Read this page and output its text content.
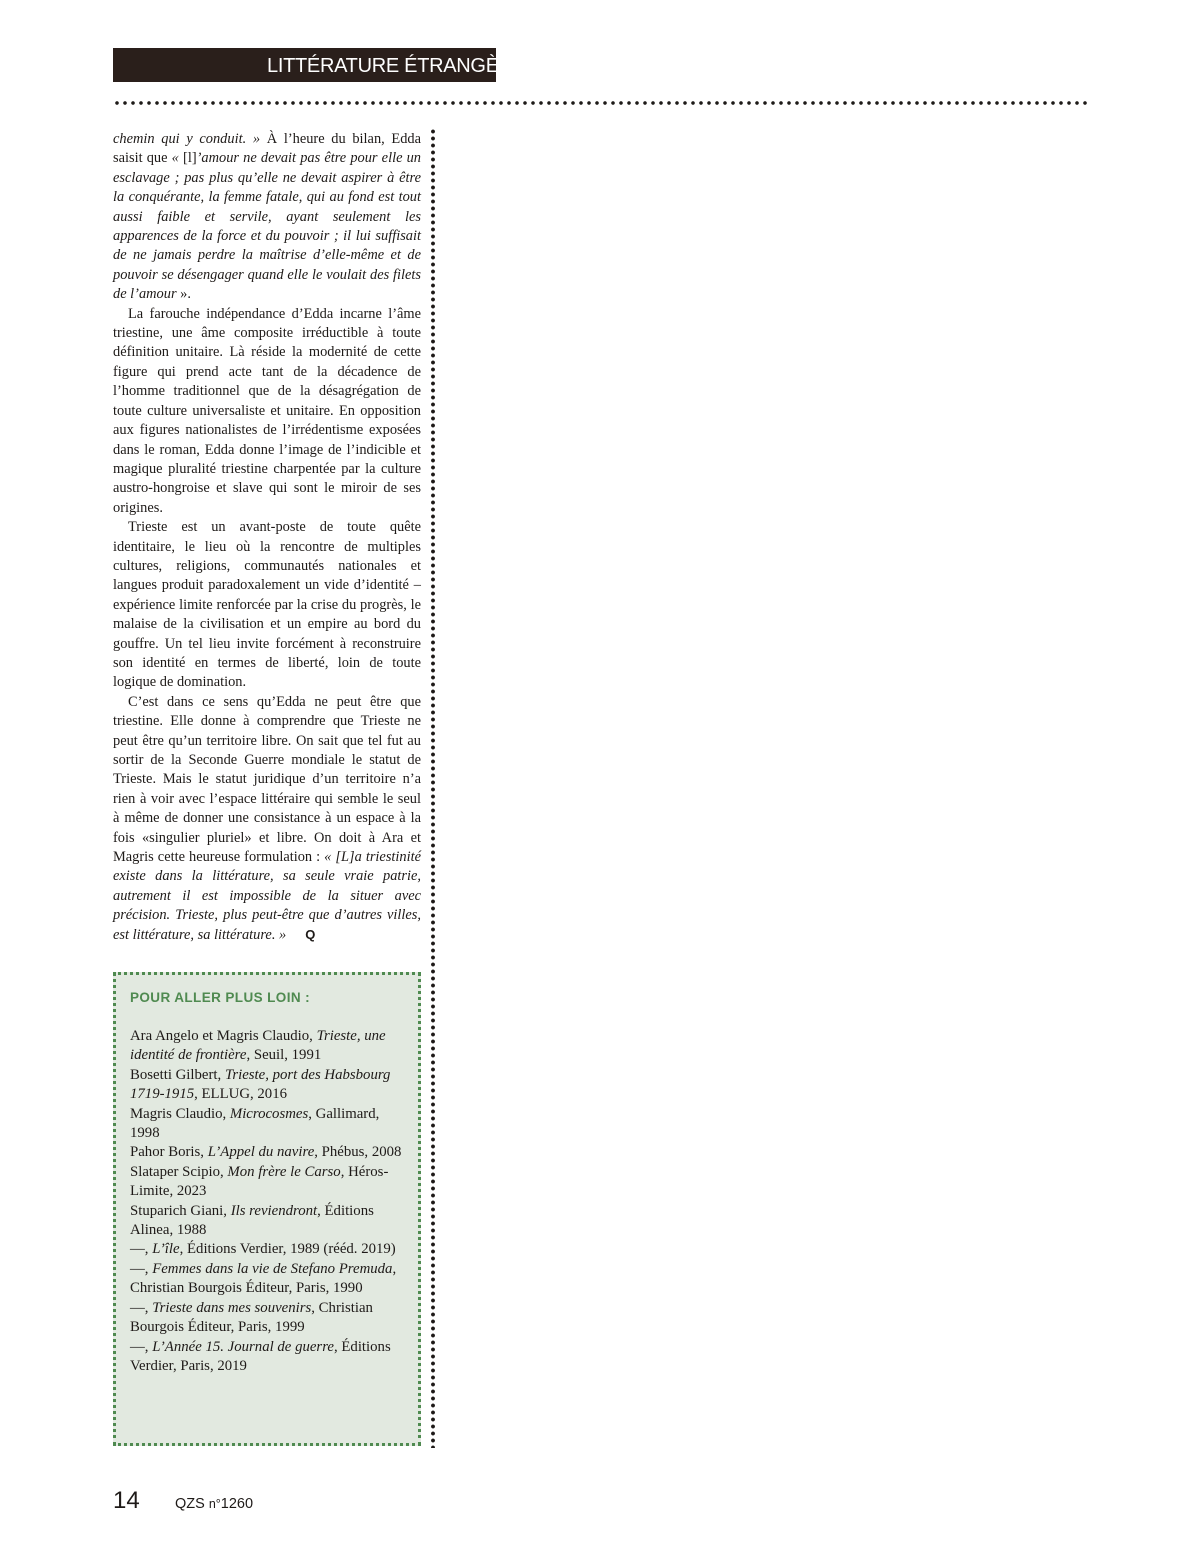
LITTÉRATURE ÉTRANGÈRE

chemin qui y conduit. » À l’heure du bilan, Edda saisit que « [l]’amour ne devait pas être pour elle un esclavage ; pas plus qu’elle ne devait aspirer à être la conquérante, la femme fatale, qui au fond est tout aussi faible et servile, ayant seulement les apparences de la force et du pouvoir ; il lui suffisait de ne jamais perdre la maîtrise d’elle-même et de pouvoir se désengager quand elle le voulait des filets de l’amour ».

La farouche indépendance d’Edda incarne l’âme triestine, une âme composite irréductible à toute définition unitaire. Là réside la modernité de cette figure qui prend acte tant de la décadence de l’homme traditionnel que de la désagrégation de toute culture universaliste et unitaire. En opposition aux figures nationalistes de l’irrédentisme exposées dans le roman, Edda donne l’image de l’indicible et magique pluralité triestine charpentée par la culture austro-hongroise et slave qui sont le miroir de ses origines.

Trieste est un avant-poste de toute quête identitaire, le lieu où la rencontre de multiples cultures, religions, communautés nationales et langues produit paradoxalement un vide d’identité – expérience limite renforcée par la crise du progrès, le malaise de la civilisation et un empire au bord du gouffre. Un tel lieu invite forcément à reconstruire son identité en termes de liberté, loin de toute logique de domination.

C’est dans ce sens qu’Edda ne peut être que triestine. Elle donne à comprendre que Trieste ne peut être qu’un territoire libre. On sait que tel fut au sortir de la Seconde Guerre mondiale le statut de Trieste. Mais le statut juridique d’un territoire n’a rien à voir avec l’espace littéraire qui semble le seul à même de donner une consistance à un espace à la fois «singulier pluriel» et libre. On doit à Ara et Magris cette heureuse formulation : « [L]a triestinité existe dans la littérature, sa seule vraie patrie, autrement il est impossible de la situer avec précision. Trieste, plus peut-être que d’autres villes, est littérature, sa littérature. » Q

POUR ALLER PLUS LOIN :
Ara Angelo et Magris Claudio, Trieste, une identité de frontière, Seuil, 1991
Bosetti Gilbert, Trieste, port des Habsbourg 1719-1915, ELLUG, 2016
Magris Claudio, Microcosmes, Gallimard, 1998
Pahor Boris, L’Appel du navire, Phébus, 2008
Slataper Scipio, Mon frère le Carso, Héros-Limite, 2023
Stuparich Giani, Ils reviendront, Éditions Alinea, 1988
—, L’île, Éditions Verdier, 1989 (rééd. 2019)
—, Femmes dans la vie de Stefano Premuda, Christian Bourgois Éditeur, Paris, 1990
—, Trieste dans mes souvenirs, Christian Bourgois Éditeur, Paris, 1999
—, L’Année 15. Journal de guerre, Éditions Verdier, Paris, 2019
14 QZS n°1260
